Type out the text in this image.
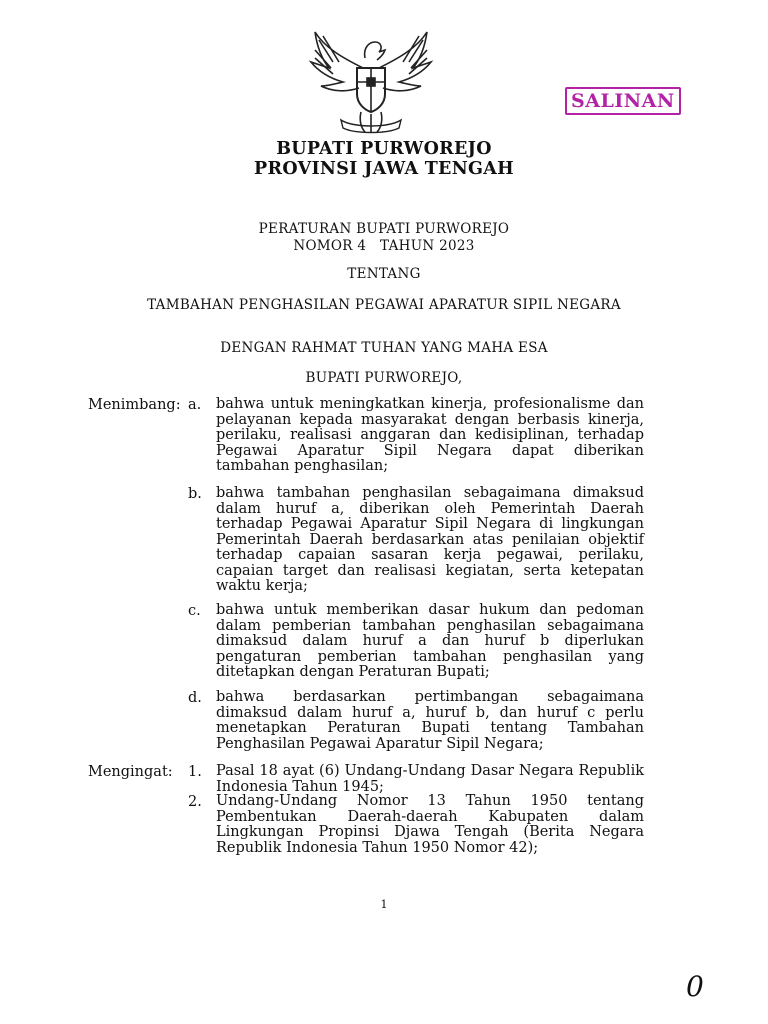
SALINAN
BUPATI PURWOREJO
PROVINSI JAWA TENGAH
PERATURAN BUPATI PURWOREJO
NOMOR 4   TAHUN 2023
TENTANG
TAMBAHAN PENGHASILAN PEGAWAI APARATUR SIPIL NEGARA
DENGAN RAHMAT TUHAN YANG MAHA ESA
BUPATI PURWOREJO,
Menimbang: a. bahwa untuk meningkatkan kinerja, profesionalisme dan pelayanan kepada masyarakat dengan berbasis kinerja, perilaku, realisasi anggaran dan kedisiplinan, terhadap Pegawai Aparatur Sipil Negara dapat diberikan tambahan penghasilan;
b. bahwa tambahan penghasilan sebagaimana dimaksud dalam huruf a, diberikan oleh Pemerintah Daerah terhadap Pegawai Aparatur Sipil Negara di lingkungan Pemerintah Daerah berdasarkan atas penilaian objektif terhadap capaian sasaran kerja pegawai, perilaku, capaian target dan realisasi kegiatan, serta ketepatan waktu kerja;
c. bahwa untuk memberikan dasar hukum dan pedoman dalam pemberian tambahan penghasilan sebagaimana dimaksud dalam huruf a dan huruf b diperlukan pengaturan pemberian tambahan penghasilan yang ditetapkan dengan Peraturan Bupati;
d. bahwa berdasarkan pertimbangan sebagaimana dimaksud dalam huruf a, huruf b, dan huruf c perlu menetapkan Peraturan Bupati tentang Tambahan Penghasilan Pegawai Aparatur Sipil Negara;
Mengingat: 1. Pasal 18 ayat (6) Undang-Undang Dasar Negara Republik Indonesia Tahun 1945;
2. Undang-Undang Nomor 13 Tahun 1950 tentang Pembentukan Daerah-daerah Kabupaten dalam Lingkungan Propinsi Djawa Tengah (Berita Negara Republik Indonesia Tahun 1950 Nomor 42);
1
0
